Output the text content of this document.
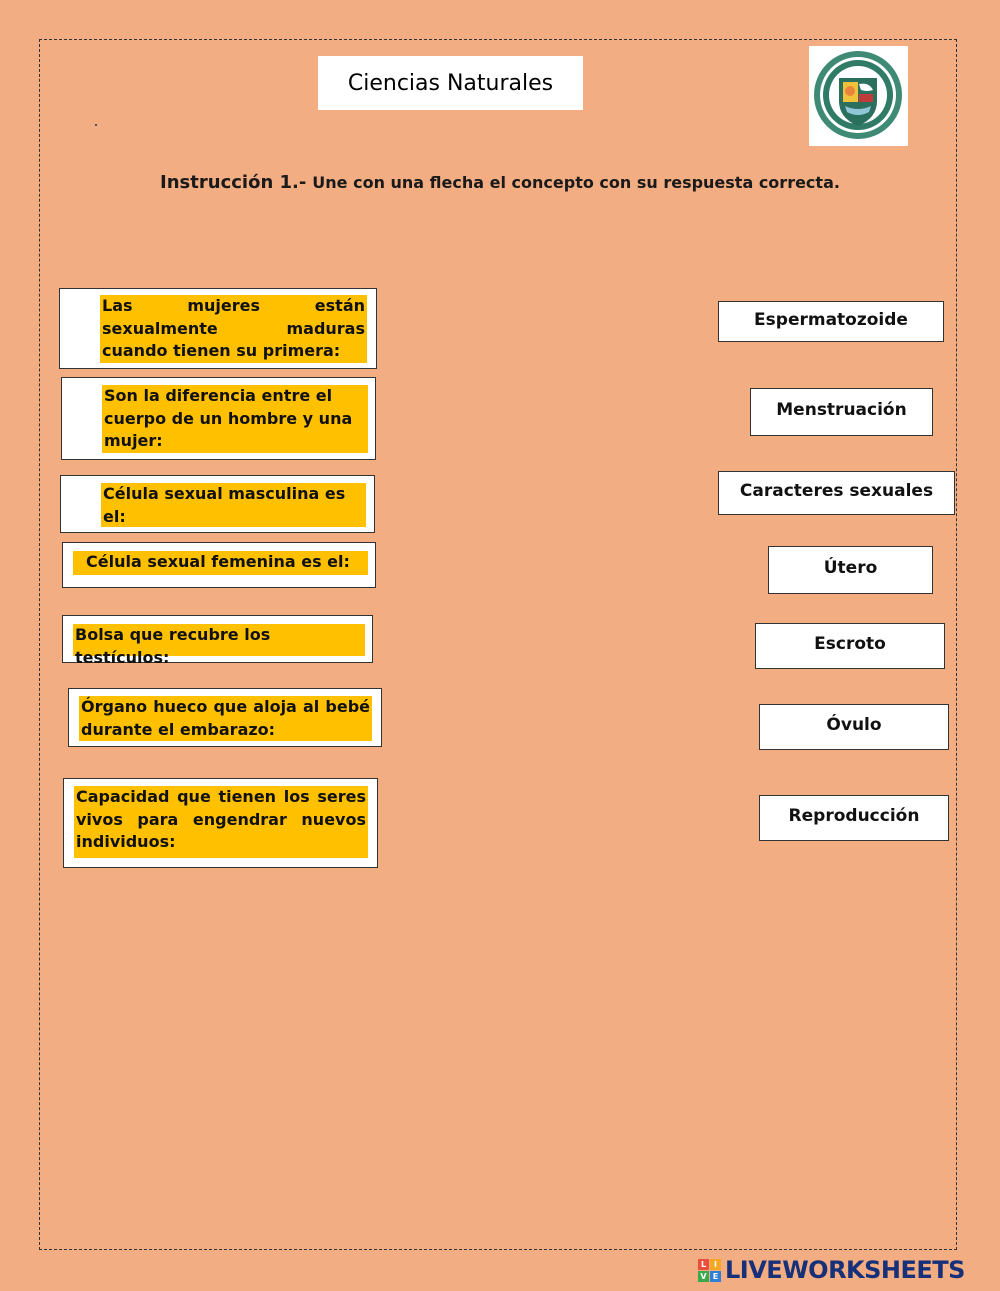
Ciencias Naturales
Instrucción 1.- Une con una flecha el concepto con su respuesta correcta.
Las mujeres están sexualmente maduras cuando tienen su primera:
Son la diferencia entre el cuerpo de un hombre y una mujer:
Célula sexual masculina es el:
Célula sexual femenina es el:
Bolsa que recubre los testículos:
Órgano hueco que aloja al bebé durante el embarazo:
Capacidad que tienen los seres vivos para engendrar nuevos individuos:
Espermatozoide
Menstruación
Caracteres sexuales
Útero
Escroto
Óvulo
Reproducción
L I
V E LIVEWORKSHEETS
